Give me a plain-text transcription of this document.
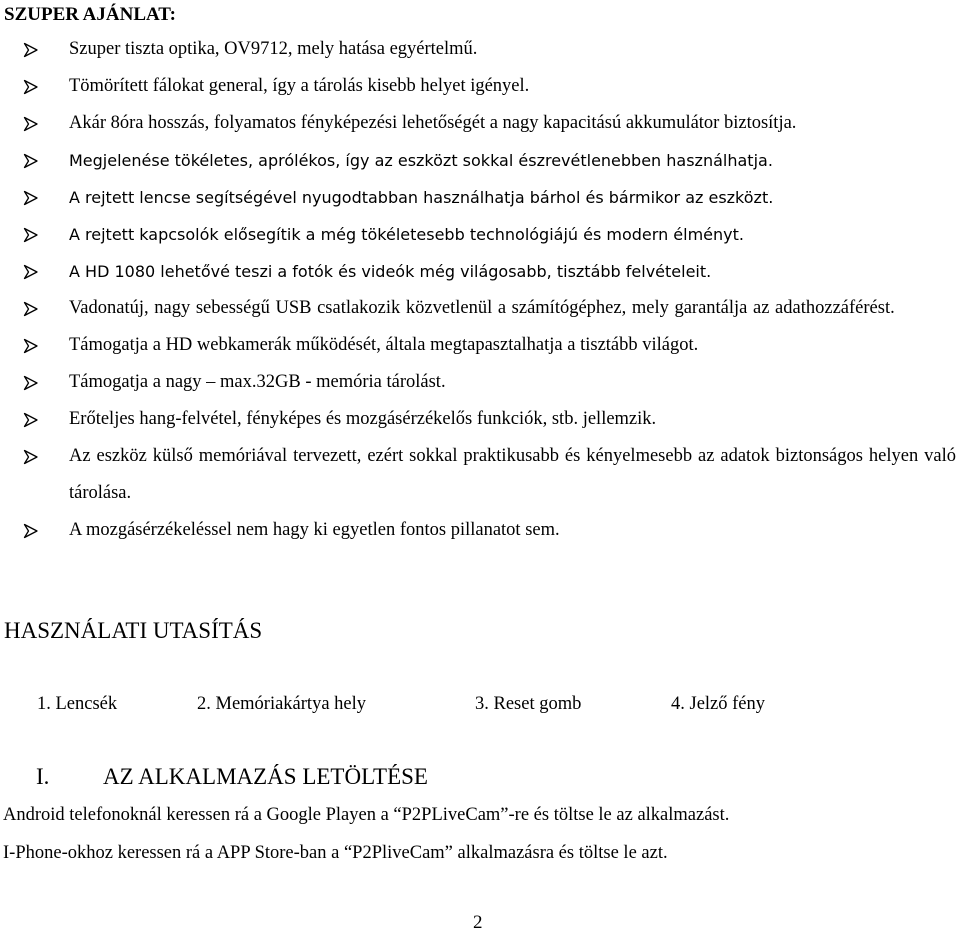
SZUPER AJÁNLAT:
Szuper tiszta optika, OV9712, mely hatása egyértelmű.
Tömörített fálokat general, így a tárolás kisebb helyet igényel.
Akár 8óra hosszás, folyamatos fényképezési lehetőségét a nagy kapacitású akkumulátor biztosítja.
Megjelenése tökéletes, aprólékos, így az eszközt sokkal észrevétlenebben használhatja.
A rejtett lencse segítségével nyugodtabban használhatja bárhol és bármikor az eszközt.
A rejtett kapcsolók elősegítik a még tökéletesebb technológiájú és modern élményt.
A HD 1080 lehetővé teszi a fotók és videók még világosabb, tisztább felvételeit.
Vadonatúj, nagy sebességű USB csatlakozik közvetlenül a számítógéphez, mely garantálja az adathozzáférést.
Támogatja a HD webkamerák működését, általa megtapasztalhatja a tisztább világot.
Támogatja a nagy – max.32GB - memória tárolást.
Erőteljes hang-felvétel, fényképes és mozgásérzékelős funkciók, stb. jellemzik.
Az eszköz külső memóriával tervezett, ezért sokkal praktikusabb és kényelmesebb az adatok biztonságos helyen való tárolása.
A mozgásérzékeléssel nem hagy ki egyetlen fontos pillanatot sem.
HASZNÁLATI UTASÍTÁS
1. Lencsék	2. Memóriakártya hely	3. Reset gomb	4. Jelző fény
I. AZ ALKALMAZÁS LETÖLTÉSE
Android telefonoknál keressen rá a Google Playen a “P2PLiveCam”-re és töltse le az alkalmazást.
I-Phone-okhoz keressen rá a APP Store-ban a “P2PliveCam” alkalmazásra és töltse le azt.
2
